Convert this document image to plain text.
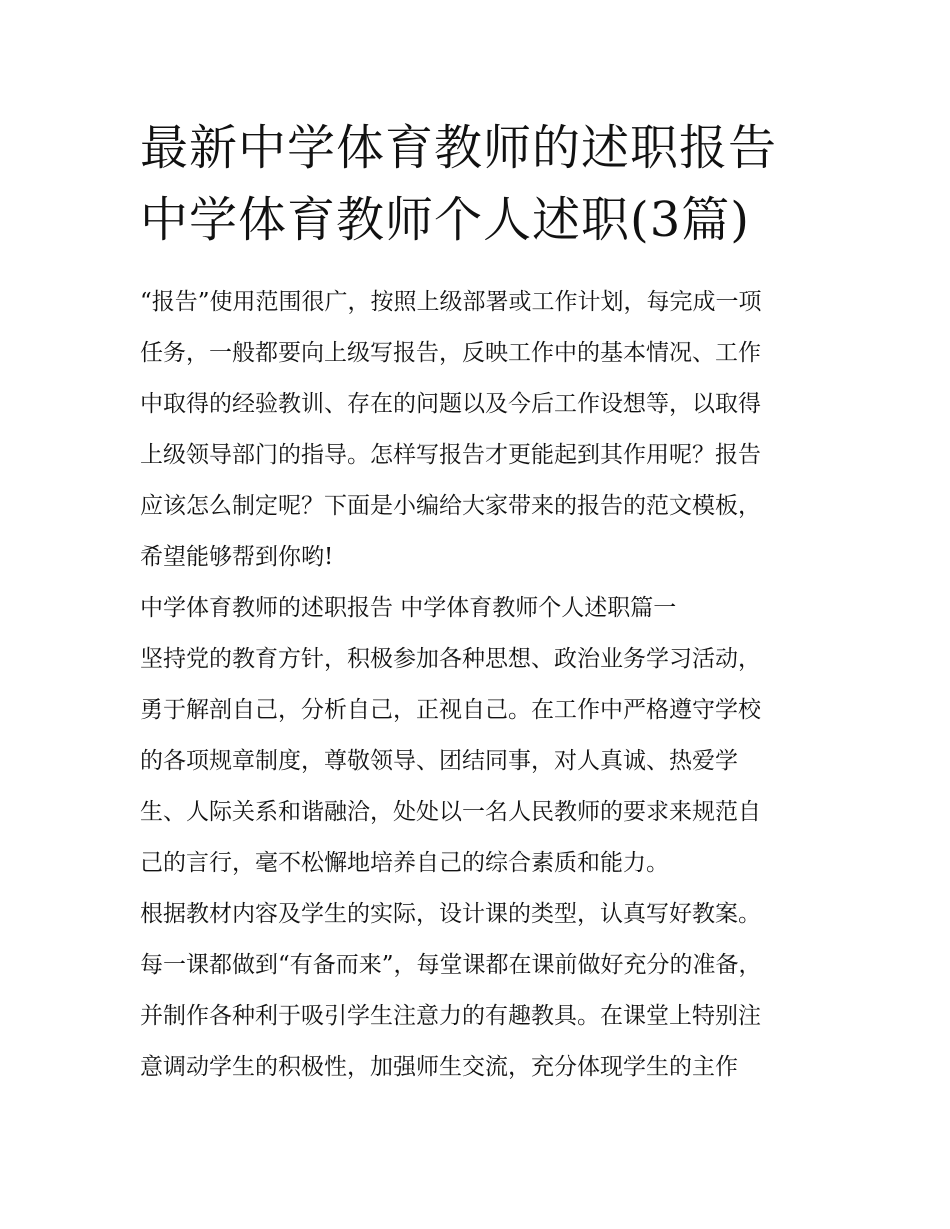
最新中学体育教师的述职报告
中学体育教师个人述职(3篇)
“报告”使用范围很广，按照上级部署或工作计划，每完成一项
任务，一般都要向上级写报告，反映工作中的基本情况、工作
中取得的经验教训、存在的问题以及今后工作设想等，以取得
上级领导部门的指导。怎样写报告才更能起到其作用呢？报告
应该怎么制定呢？下面是小编给大家带来的报告的范文模板，
希望能够帮到你哟!
中学体育教师的述职报告 中学体育教师个人述职篇一
坚持党的教育方针，积极参加各种思想、政治业务学习活动，
勇于解剖自己，分析自己，正视自己。在工作中严格遵守学校
的各项规章制度，尊敬领导、团结同事，对人真诚、热爱学
生、人际关系和谐融洽，处处以一名人民教师的要求来规范自
己的言行，毫不松懈地培养自己的综合素质和能力。
根据教材内容及学生的实际，设计课的类型，认真写好教案。
每一课都做到“有备而来”，每堂课都在课前做好充分的准备，
并制作各种利于吸引学生注意力的有趣教具。在课堂上特别注
意调动学生的积极性，加强师生交流，充分体现学生的主作
